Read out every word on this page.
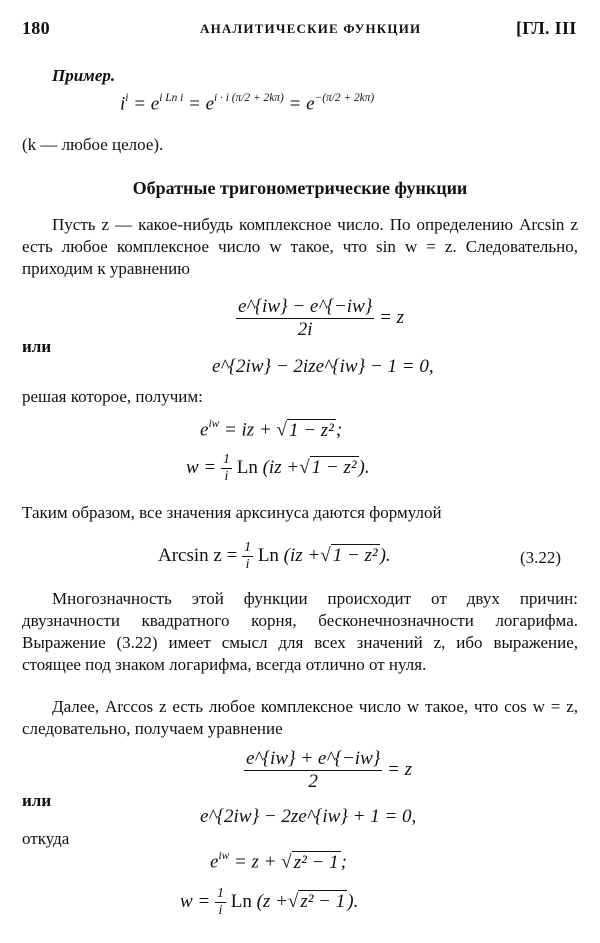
180	АНАЛИТИЧЕСКИЕ ФУНКЦИИ	[ГЛ. III
Пример.
$i^i = e^{i Ln i} = e^{i \cdot i (\pi/2 + 2k\pi)} = e^{-(\pi/2 + 2k\pi)}$
(k — любое целое).
Обратные тригонометрические функции
Пусть z — какое-нибудь комплексное число. По определению Arcsin z есть любое комплексное число w такое, что sin w = z. Следовательно, приходим к уравнению
$\frac{e\^{}\{iw\} - e\^{}\{-iw\}}{2i} = z$
или
e^{2iw} − 2ize^{iw} − 1 = 0,
решая которое, получим:
$e^{iw}$ = iz + √ 1 − z² ;
$w = \frac{1}{i}$ Ln (iz +√ 1 − z² ).
Таким образом, все значения арксинуса даются формулой
Arcsin $z = \frac{1}{i}$ Ln (iz +√ 1 − z² ).	(3.22)
Многозначность этой функции происходит от двух причин: двузначности квадратного корня, бесконечнозначности логарифма. Выражение (3.22) имеет смысл для всех значений z, ибо выражение, стоящее под знаком логарифма, всегда отлично от нуля.
Далее, Arccos z есть любое комплексное число w такое, что cos w = z, следовательно, получаем уравнение
$\frac{e\^{}\{iw\} + e\^{}\{-iw\}}{2} = z$
или
e^{2iw} − 2ze^{iw} + 1 = 0,
откуда
$e^{iw} = z$ + √ z² − 1 ;
$w = \frac{1}{i}$ Ln (z +√ z² − 1 ).
